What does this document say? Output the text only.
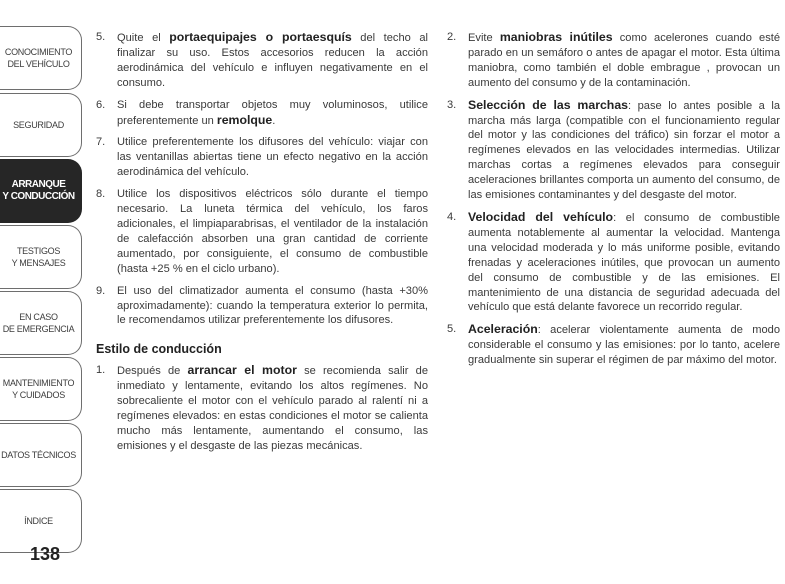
CONOCIMIENTO
DEL VEHÍCULO
SEGURIDAD
ARRANQUE
Y CONDUCCIÓN
TESTIGOS
Y MENSAJES
EN CASO
DE EMERGENCIA
MANTENIMIENTO
Y CUIDADOS
DATOS TÉCNICOS
ÍNDICE
138
5. Quite el portaequipajes o portaesquís del techo al finalizar su uso. Estos accesorios reducen la acción aerodinámica del vehículo e influyen negativamente en el consumo.
6. Si debe transportar objetos muy voluminosos, utilice preferentemente un remolque.
7. Utilice preferentemente los difusores del vehículo: viajar con las ventanillas abiertas tiene un efecto negativo en la acción aerodinámica del vehículo.
8. Utilice los dispositivos eléctricos sólo durante el tiempo necesario. La luneta térmica del vehículo, los faros adicionales, el limpiaparabrisas, el ventilador de la instalación de calefacción absorben una gran cantidad de corriente aumentado, por consiguiente, el consumo de combustible (hasta +25 % en el ciclo urbano).
9. El uso del climatizador aumenta el consumo (hasta +30% aproximadamente): cuando la temperatura exterior lo permita, le recomendamos utilizar preferentemente los difusores.
Estilo de conducción
1. Después de arrancar el motor se recomienda salir de inmediato y lentamente, evitando los altos regímenes. No sobrecaliente el motor con el vehículo parado al ralentí ni a regímenes elevados: en estas condiciones el motor se calienta mucho más lentamente, aumentando el consumo, las emisiones y el desgaste de las piezas mecánicas.
2. Evite maniobras inútiles como acelerones cuando esté parado en un semáforo o antes de apagar el motor. Esta última maniobra, como también el doble embrague , provocan un aumento del consumo y de la contaminación.
3. Selección de las marchas: pase lo antes posible a la marcha más larga (compatible con el funcionamiento regular del motor y las condiciones del tráfico) sin forzar el motor a regímenes elevados en las velocidades intermedias. Utilizar marchas cortas a regímenes elevados para conseguir aceleraciones brillantes comporta un aumento del consumo, de las emisiones contaminantes y del desgaste del motor.
4. Velocidad del vehículo: el consumo de combustible aumenta notablemente al aumentar la velocidad. Mantenga una velocidad moderada y lo más uniforme posible, evitando frenadas y aceleraciones inútiles, que provocan un aumento del consumo de combustible y de las emisiones. El mantenimiento de una distancia de seguridad adecuada del vehículo que está delante favorece un recorrido regular.
5. Aceleración: acelerar violentamente aumenta de modo considerable el consumo y las emisiones: por lo tanto, acelere gradualmente sin superar el régimen de par máximo del motor.
